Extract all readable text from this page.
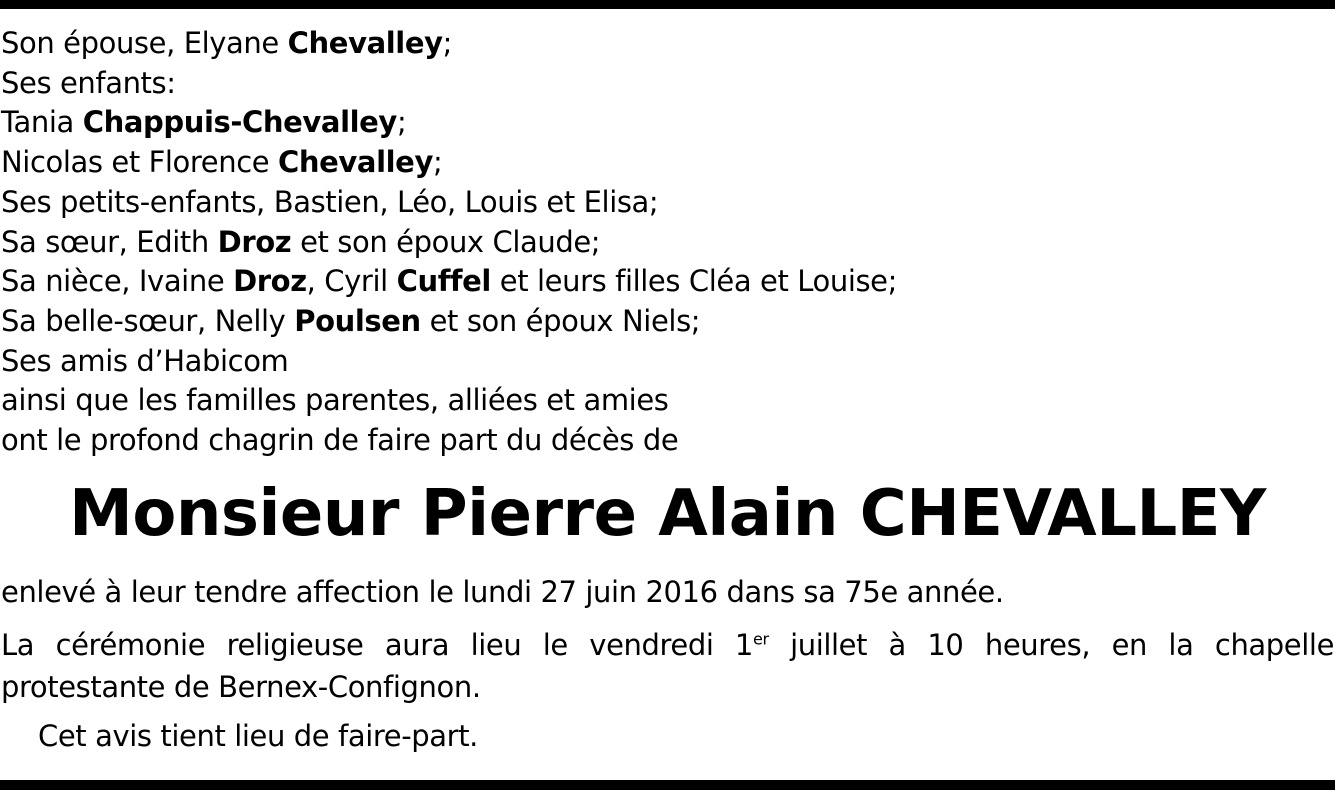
Son épouse, Elyane Chevalley;
Ses enfants:
Tania Chappuis-Chevalley;
Nicolas et Florence Chevalley;
Ses petits-enfants, Bastien, Léo, Louis et Elisa;
Sa sœur, Edith Droz et son époux Claude;
Sa nièce, Ivaine Droz, Cyril Cuffel et leurs filles Cléa et Louise;
Sa belle-sœur, Nelly Poulsen et son époux Niels;
Ses amis d’Habicom
ainsi que les familles parentes, alliées et amies
ont le profond chagrin de faire part du décès de
Monsieur Pierre Alain CHEVALLEY
enlevé à leur tendre affection le lundi 27 juin 2016 dans sa 75e année.
La cérémonie religieuse aura lieu le vendredi 1er juillet à 10 heures, en la chapelle
protestante de Bernex-Confignon.
Cet avis tient lieu de faire-part.
